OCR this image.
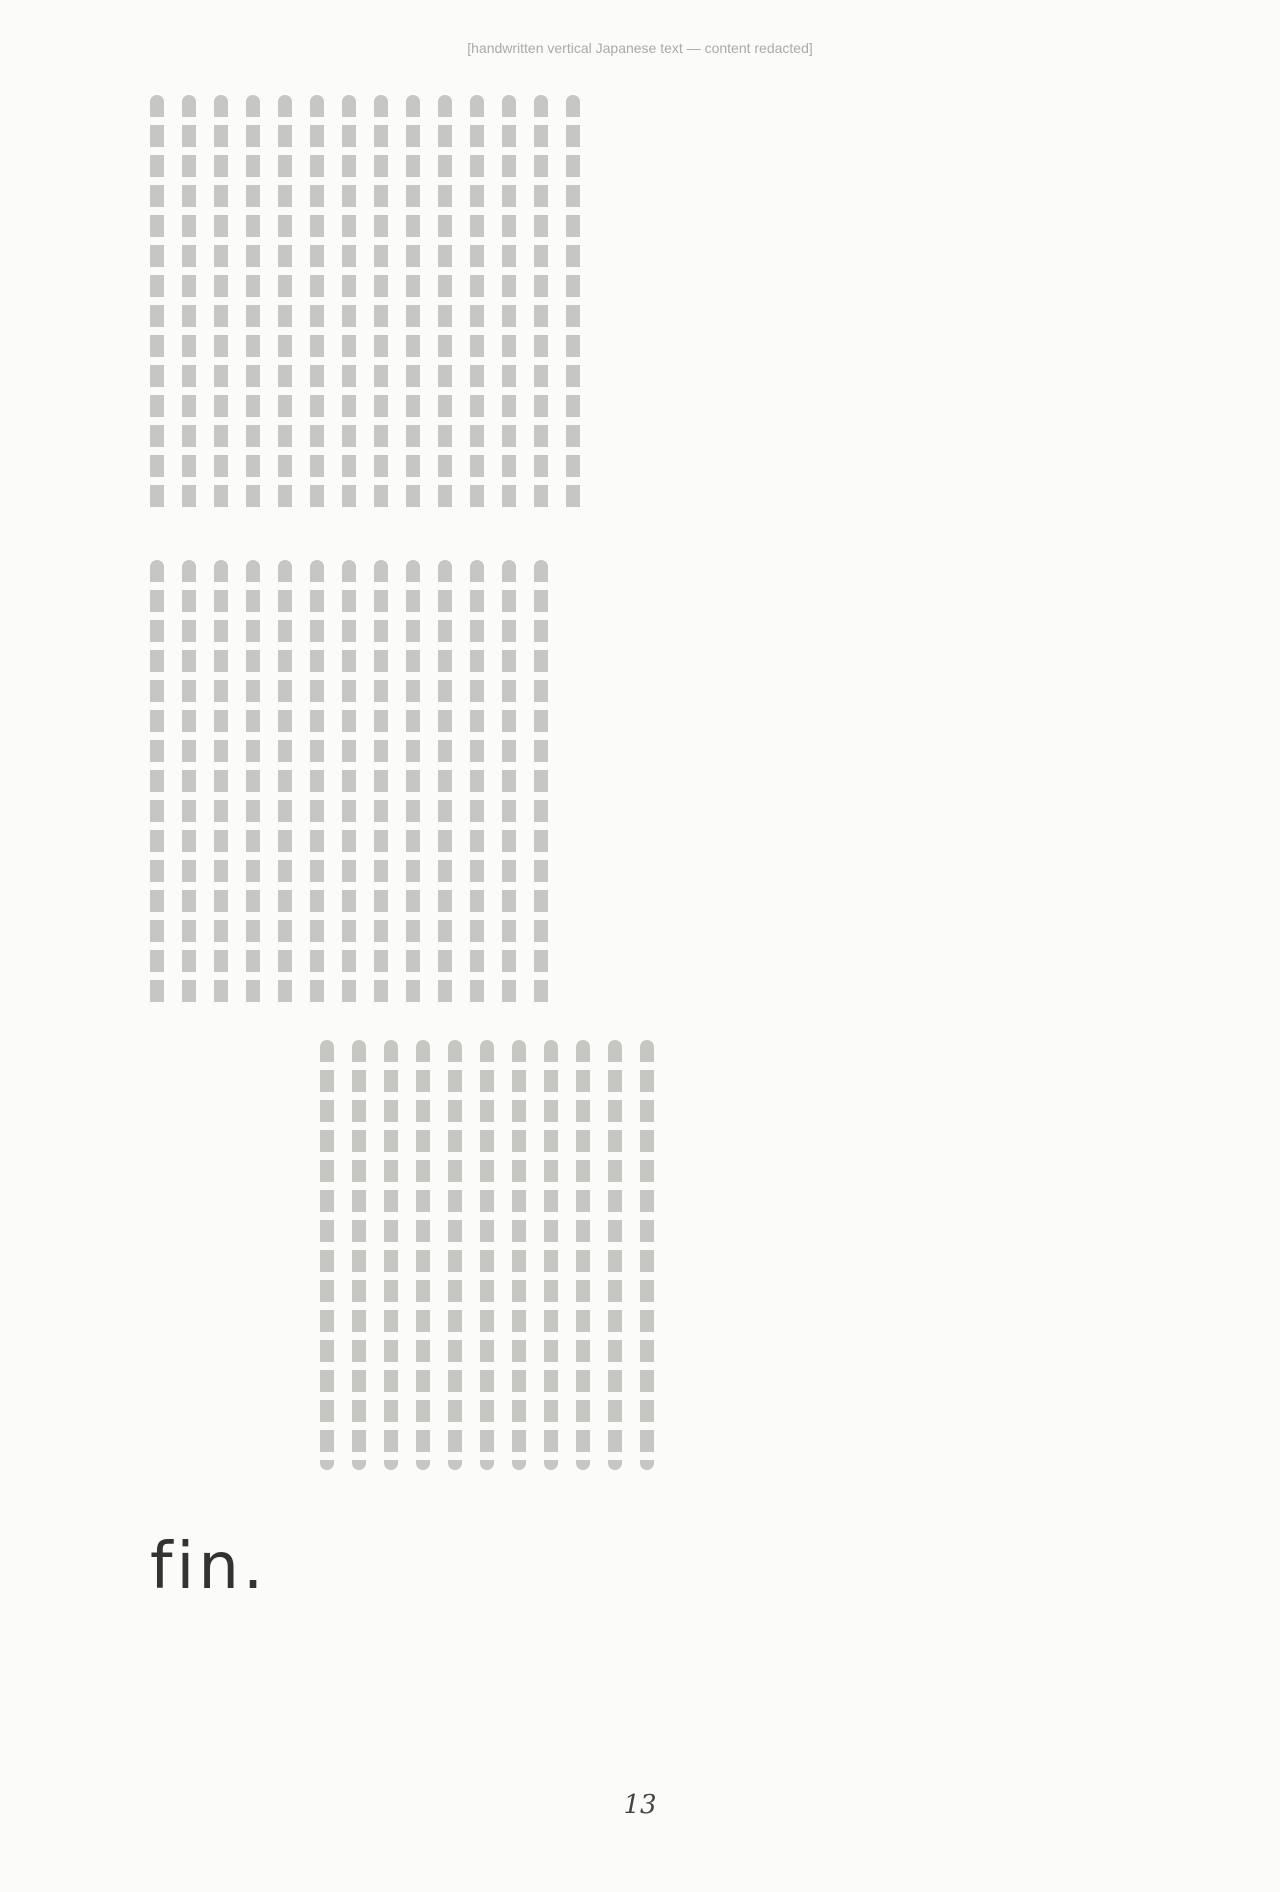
[handwritten vertical Japanese text — content redacted]
fin.
13
